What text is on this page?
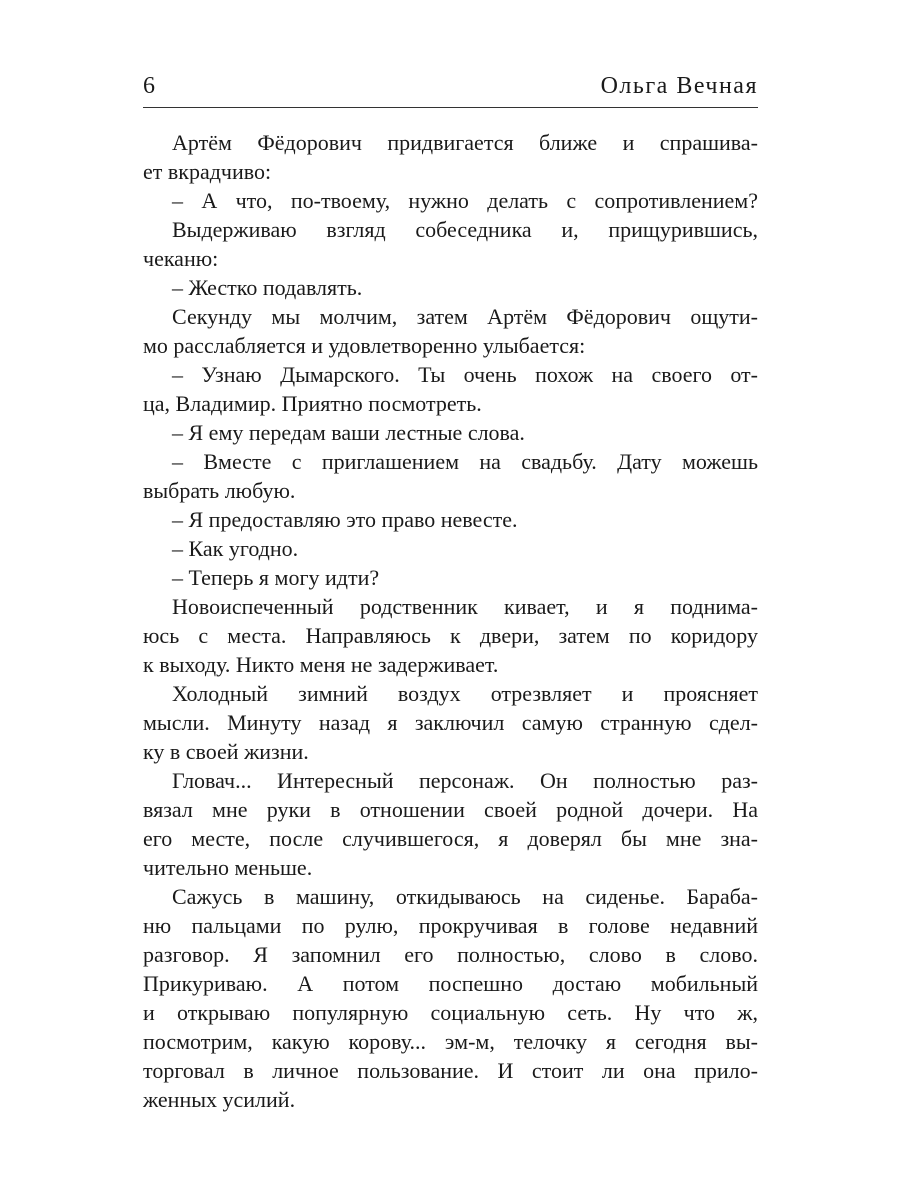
6	Ольга Вечная
Артём Фёдорович придвигается ближе и спрашива-
ет вкрадчиво:
– А что, по-твоему, нужно делать с сопротивлением?
Выдерживаю взгляд собеседника и, прищурившись,
чеканю:
– Жестко подавлять.
Секунду мы молчим, затем Артём Фёдорович ощути-
мо расслабляется и удовлетворенно улыбается:
– Узнаю Дымарского. Ты очень похож на своего от-
ца, Владимир. Приятно посмотреть.
– Я ему передам ваши лестные слова.
– Вместе с приглашением на свадьбу. Дату можешь
выбрать любую.
– Я предоставляю это право невесте.
– Как угодно.
– Теперь я могу идти?
Новоиспеченный родственник кивает, и я поднима-
юсь с места. Направляюсь к двери, затем по коридору
к выходу. Никто меня не задерживает.
Холодный зимний воздух отрезвляет и проясняет
мысли. Минуту назад я заключил самую странную сдел-
ку в своей жизни.
Гловач... Интересный персонаж. Он полностью раз-
вязал мне руки в отношении своей родной дочери. На
его месте, после случившегося, я доверял бы мне зна-
чительно меньше.
Сажусь в машину, откидываюсь на сиденье. Бараба-
ню пальцами по рулю, прокручивая в голове недавний
разговор. Я запомнил его полностью, слово в слово.
Прикуриваю. А потом поспешно достаю мобильный
и открываю популярную социальную сеть. Ну что ж,
посмотрим, какую корову... эм-м, телочку я сегодня вы-
торговал в личное пользование. И стоит ли она прило-
женных усилий.
